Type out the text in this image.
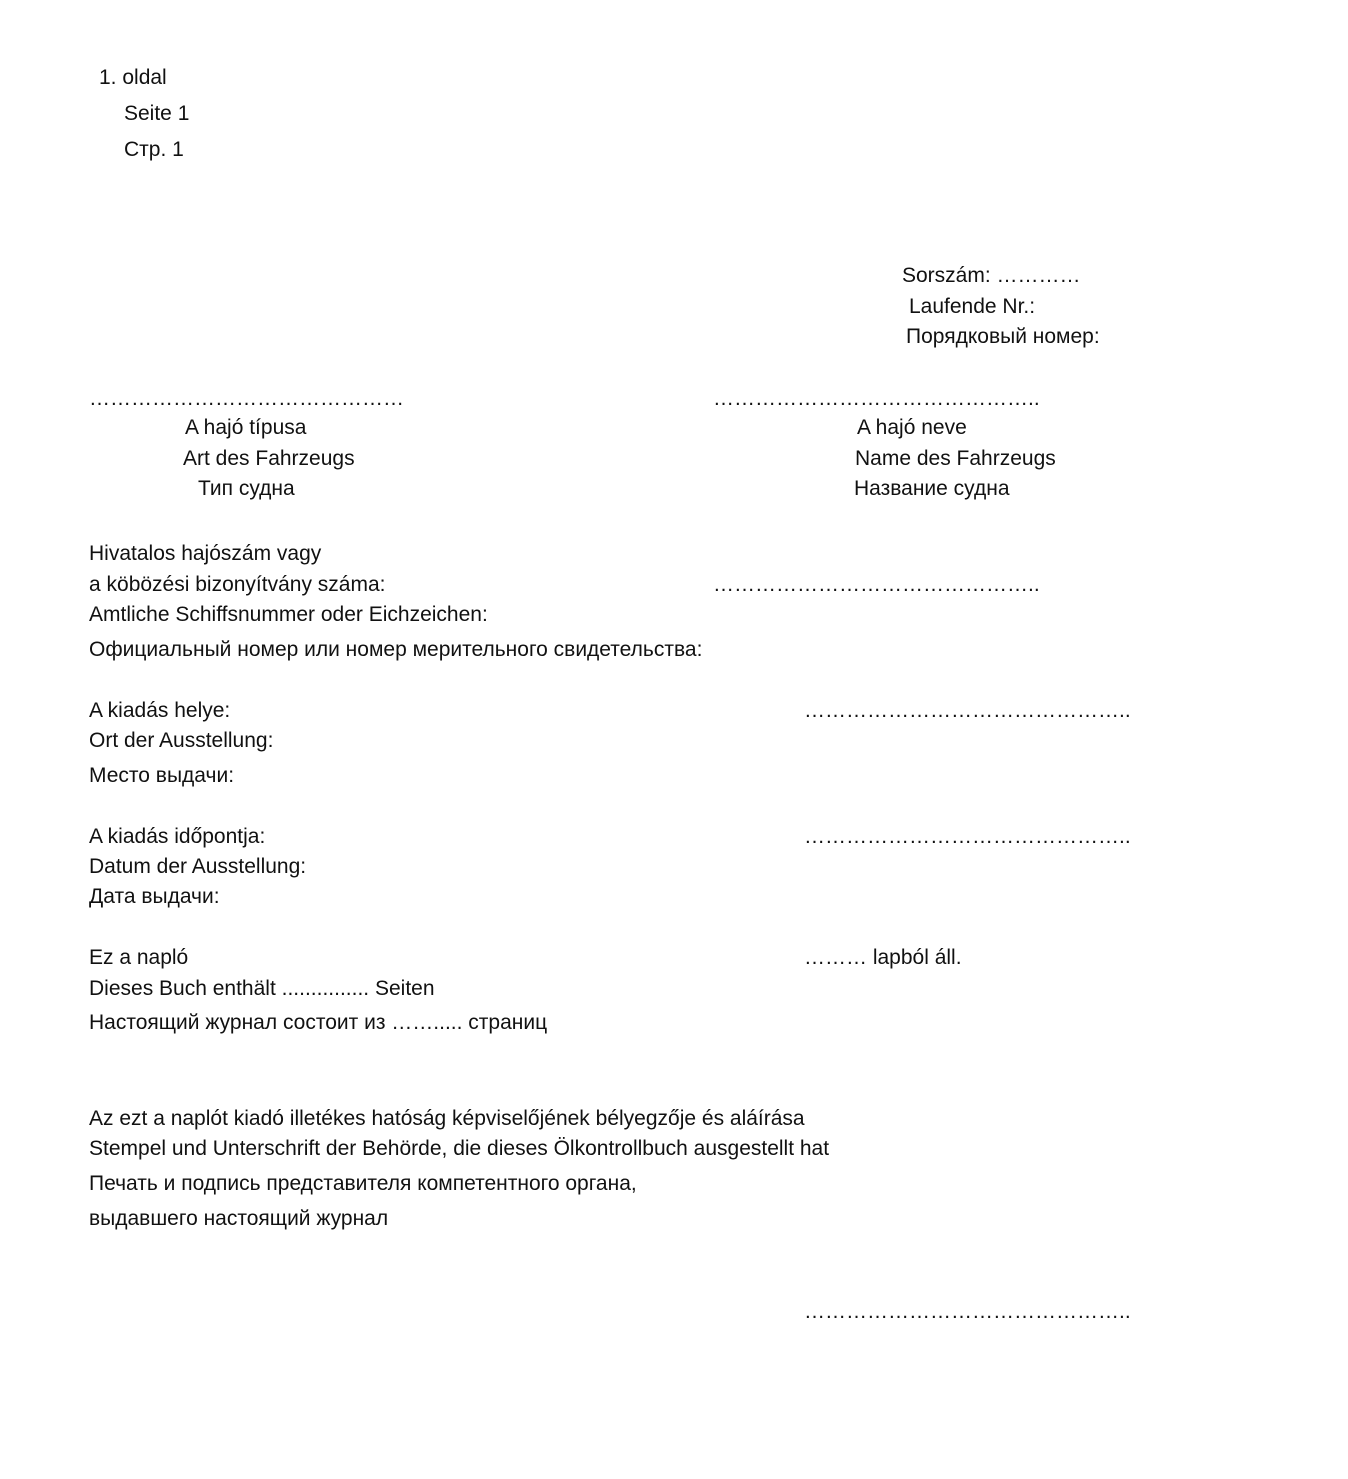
1. oldal
Seite 1
Стр. 1
Sorszám: …………
Laufende Nr.:
Порядковый номер:
………………………………………
A hajó típusa
Art des Fahrzeugs
Тип судна
………………………………………..
A hajó neve
Name des Fahrzeugs
Название судна
Hivatalos hajószám vagy
a köbözési bizonyítvány száma:	………………………………………..
Amtliche Schiffsnummer oder Eichzeichen:
Официальный номер или номер мерительного свидетельства:
A kiadás helye:	………………………………………..
Ort der Ausstellung:
Место выдачи:
A kiadás időpontja:	………………………………………..
Datum der Ausstellung:
Дата выдачи:
Ez a napló	……… lapból áll.
Dieses Buch enthält ............... Seiten
Настоящий журнал состоит из ……..... страниц
Az ezt a naplót kiadó illetékes hatóság képviselőjének bélyegzője és aláírása
Stempel und Unterschrift der Behörde, die dieses Ölkontrollbuch ausgestellt hat
Печать и подпись представителя компетентного органа,
выдавшего настоящий журнал
………………………………………..
